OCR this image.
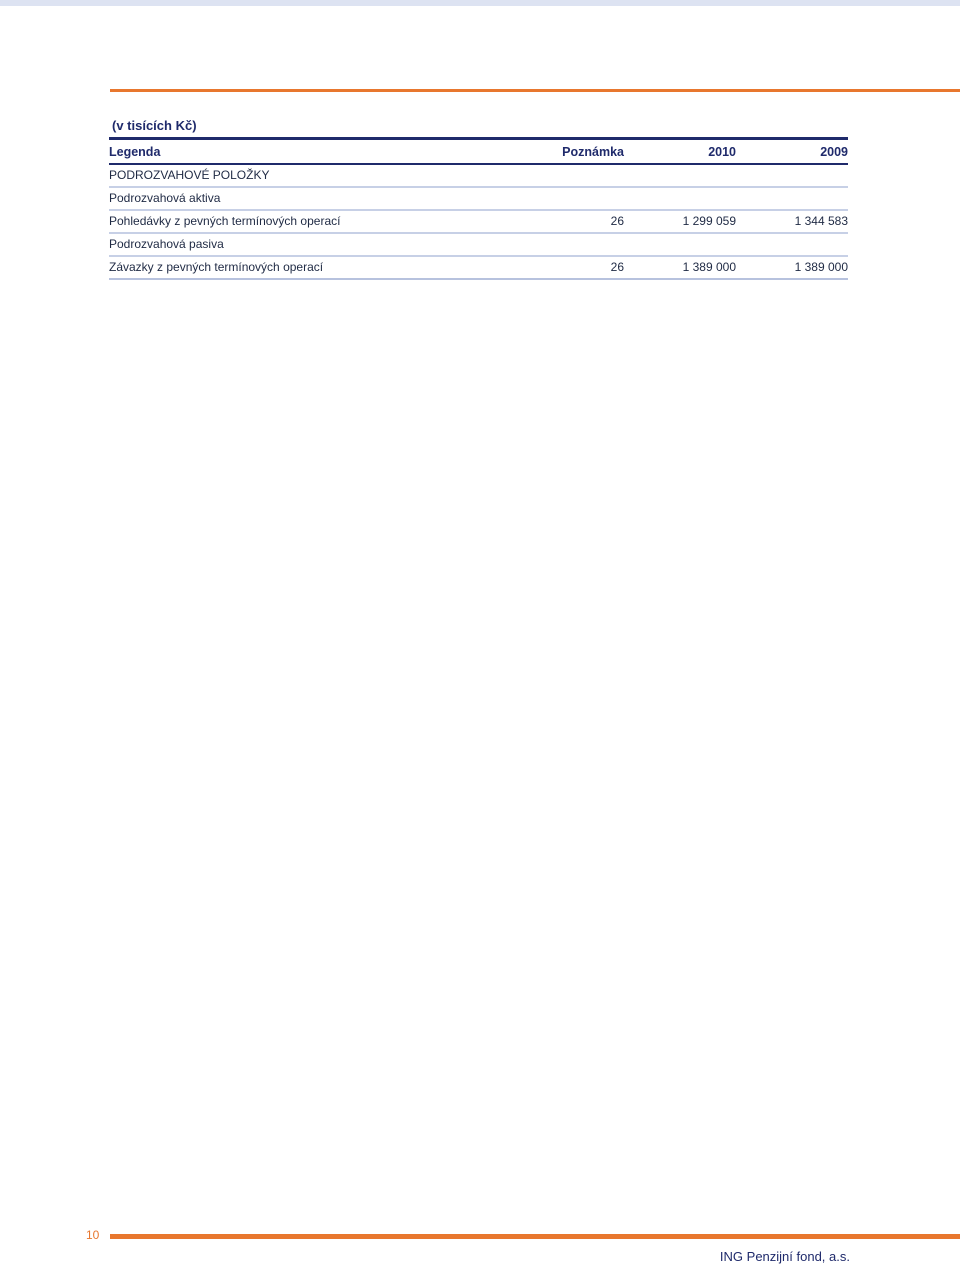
(v tisících Kč)
Legenda	Poznámka	2010	2009
PODROZVAHOVÉ POLOŽKY
Podrozvahová aktiva
Pohledávky z pevných termínových operací	26	1 299 059	1 344 583
Podrozvahová pasiva
Závazky z pevných termínových operací	26	1 389 000	1 389 000
10
ING Penzijní fond, a.s.
